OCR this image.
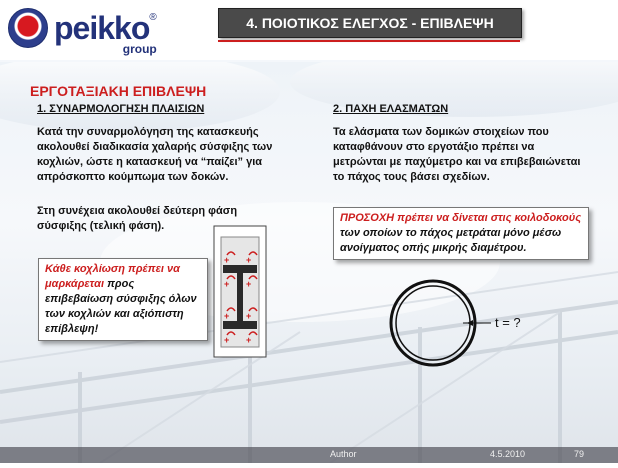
peikko®
group
4. ΠΟΙΟΤΙΚΟΣ ΕΛΕΓΧΟΣ - ΕΠΙΒΛΕΨΗ
ΕΡΓΟΤΑΞΙΑΚΗ ΕΠΙΒΛΕΨΗ
1. ΣΥΝΑΡΜΟΛΟΓΗΣΗ ΠΛΑΙΣΙΩΝ	2. ΠΑΧΗ ΕΛΑΣΜΑΤΩΝ
Κατά την συναρμολόγηση της κατασκευής ακολουθεί διαδικασία χαλαρής σύσφιξης των κοχλιών, ώστε η κατασκευή να “παίζει” για απρόσκοπτο κούμπωμα των δοκών.
Στη συνέχεια ακολουθεί δεύτερη φάση σύσφιξης (τελική φάση).
Τα ελάσματα των δομικών στοιχείων που καταφθάνουν στο εργοτάξιο πρέπει να μετρώνται με παχύμετρο και να επιβεβαιώνεται το πάχος τους βάσει σχεδίων.
Κάθε κοχλίωση πρέπει να μαρκάρεται προς επιβεβαίωση σύσφιξης όλων των κοχλιών και αξιόπιστη επίβλεψη!
ΠΡΟΣΟΧΗ πρέπει να δίνεται στις κοιλοδοκούς των οποίων το πάχος μετράται μόνο μέσω ανοίγματος οπής μικρής διαμέτρου.
+ +
+ +
+ +
+ +
t = ?
Author	4.5.2010	79
